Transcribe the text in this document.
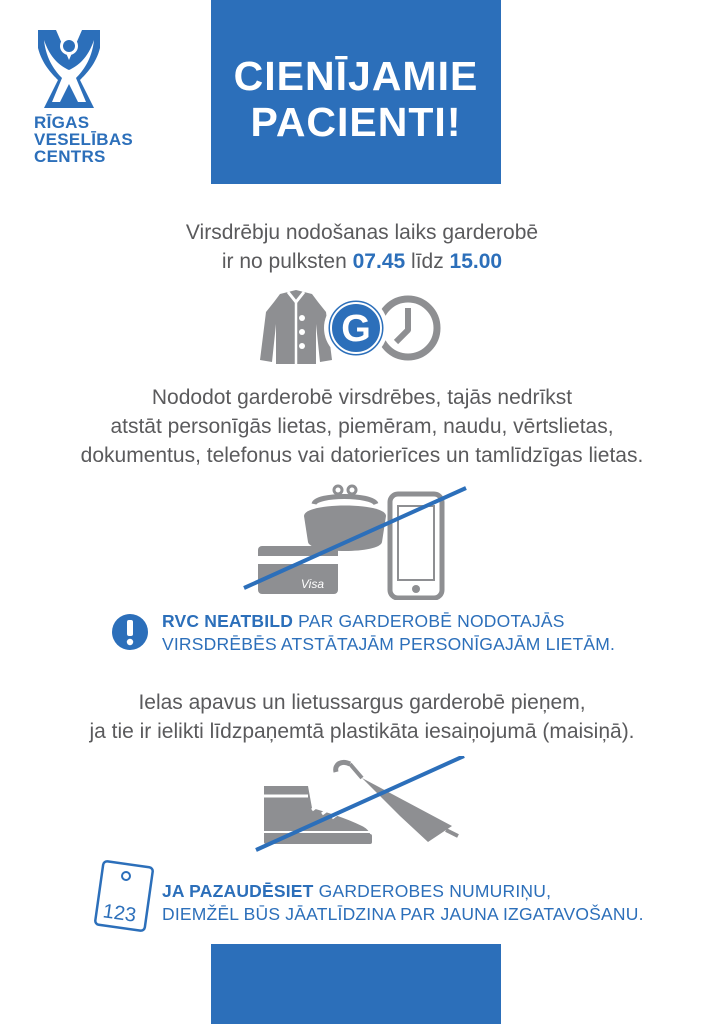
RĪGAS
VESELĪBAS
CENTRS
CIENĪJAMIE
PACIENTI!
Virsdrēbju nodošanas laiks garderobē
ir no pulksten 07.45 līdz 15.00
G
Nododot garderobē virsdrēbes, tajās nedrīkst
atstāt personīgās lietas, piemēram, naudu, vērtslietas,
dokumentus, telefonus vai datorierīces un tamlīdzīgas lietas.
Visa
RVC NEATBILD PAR GARDEROBĒ NODOTAJĀS
VIRSDRĒBĒS ATSTĀTAJĀM PERSONĪGAJĀM LIETĀM.
Ielas apavus un lietussargus garderobē pieņem,
ja tie ir ielikti līdzpaņemtā plastikāta iesaiņojumā (maisiņā).
123
JA PAZAUDĒSIET GARDEROBES NUMURIŅU,
DIEMŽĒL BŪS JĀATLĪDZINA PAR JAUNA IZGATAVOŠANU.
